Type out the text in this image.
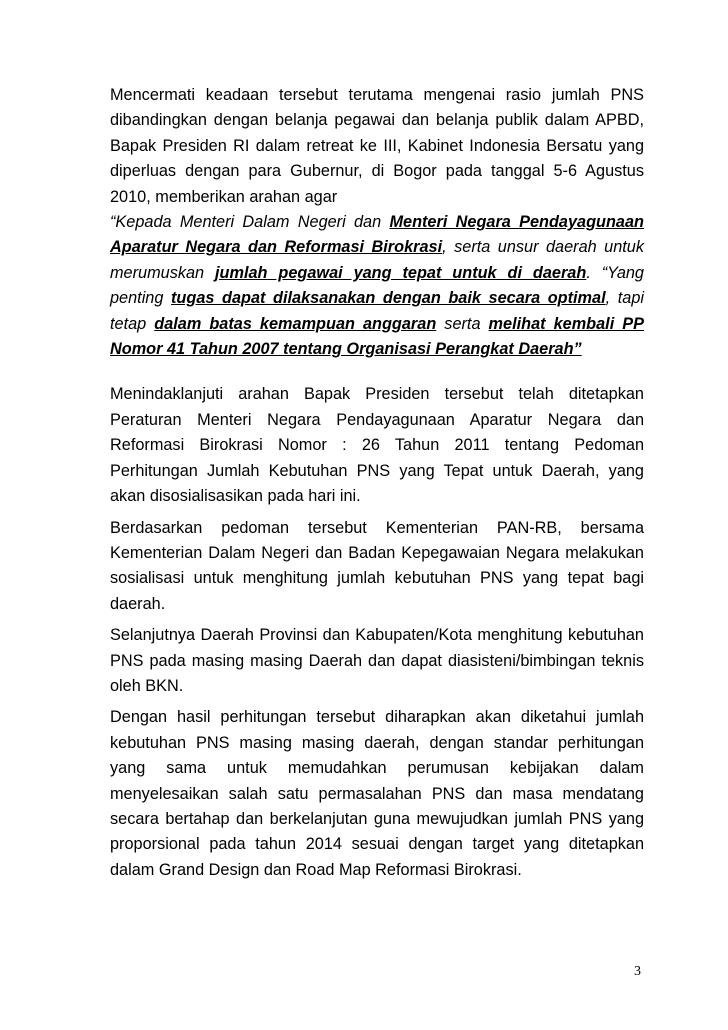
Mencermati keadaan tersebut terutama mengenai rasio jumlah PNS dibandingkan dengan belanja pegawai dan belanja publik dalam APBD, Bapak Presiden RI dalam retreat ke III, Kabinet Indonesia Bersatu yang diperluas dengan para Gubernur, di Bogor pada tanggal 5-6 Agustus 2010, memberikan arahan agar

“Kepada Menteri Dalam Negeri dan Menteri Negara Pendayagunaan Aparatur Negara dan Reformasi Birokrasi, serta unsur daerah untuk merumuskan jumlah pegawai yang tepat untuk di daerah. “Yang penting tugas dapat dilaksanakan dengan baik secara optimal, tapi tetap dalam batas kemampuan anggaran serta melihat kembali PP Nomor 41 Tahun 2007 tentang Organisasi Perangkat Daerah”

Menindaklanjuti arahan Bapak Presiden tersebut telah ditetapkan Peraturan Menteri Negara Pendayagunaan Aparatur Negara dan Reformasi Birokrasi Nomor : 26 Tahun 2011 tentang Pedoman Perhitungan Jumlah Kebutuhan PNS yang Tepat untuk Daerah, yang akan disosialisasikan pada hari ini.

Berdasarkan pedoman tersebut Kementerian PAN-RB, bersama Kementerian Dalam Negeri dan Badan Kepegawaian Negara melakukan sosialisasi untuk menghitung jumlah kebutuhan PNS yang tepat bagi daerah.

Selanjutnya Daerah Provinsi dan Kabupaten/Kota menghitung kebutuhan PNS pada masing masing Daerah dan dapat diasisteni/bimbingan teknis oleh BKN.

Dengan hasil perhitungan tersebut diharapkan akan diketahui jumlah kebutuhan PNS masing masing daerah, dengan standar perhitungan yang sama untuk memudahkan perumusan kebijakan dalam menyelesaikan salah satu permasalahan PNS dan masa mendatang secara bertahap dan berkelanjutan guna mewujudkan jumlah PNS yang proporsional pada tahun 2014 sesuai dengan target yang ditetapkan dalam Grand Design dan Road Map Reformasi Birokrasi.

3
